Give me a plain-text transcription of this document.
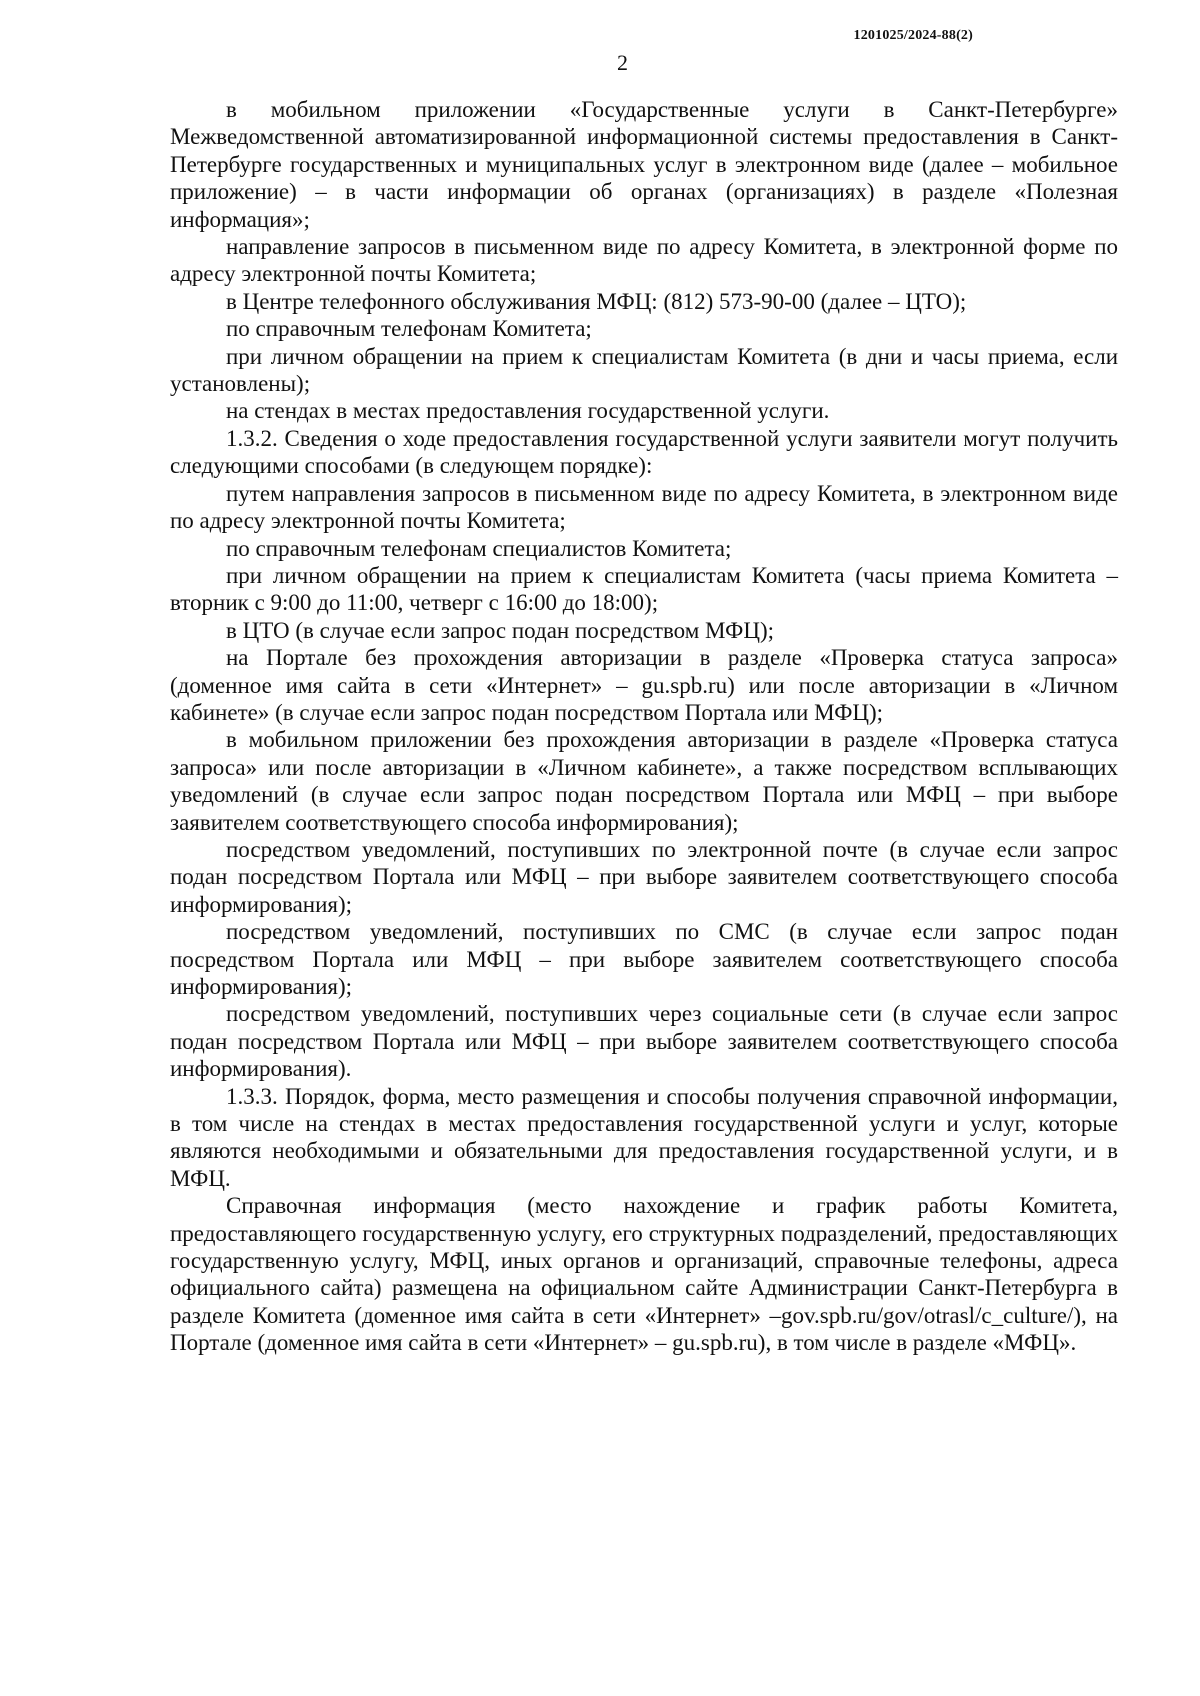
1201025/2024-88(2)
2

в мобильном приложении «Государственные услуги в Санкт-Петербурге» Межведомственной автоматизированной информационной системы предоставления в Санкт-Петербурге государственных и муниципальных услуг в электронном виде (далее – мобильное приложение) – в части информации об органах (организациях) в разделе «Полезная информация»;

направление запросов в письменном виде по адресу Комитета, в электронной форме по адресу электронной почты Комитета;

в Центре телефонного обслуживания МФЦ: (812) 573-90-00 (далее – ЦТО);

по справочным телефонам Комитета;

при личном обращении на прием к специалистам Комитета (в дни и часы приема, если установлены);

на стендах в местах предоставления государственной услуги.

1.3.2. Сведения о ходе предоставления государственной услуги заявители могут получить следующими способами (в следующем порядке):

путем направления запросов в письменном виде по адресу Комитета, в электронном виде по адресу электронной почты Комитета;

по справочным телефонам специалистов Комитета;

при личном обращении на прием к специалистам Комитета (часы приема Комитета – вторник с 9:00 до 11:00, четверг с 16:00 до 18:00);

в ЦТО (в случае если запрос подан посредством МФЦ);

на Портале без прохождения авторизации в разделе «Проверка статуса запроса» (доменное имя сайта в сети «Интернет» – gu.spb.ru) или после авторизации в «Личном кабинете» (в случае если запрос подан посредством Портала или МФЦ);

в мобильном приложении без прохождения авторизации в разделе «Проверка статуса запроса» или после авторизации в «Личном кабинете», а также посредством всплывающих уведомлений (в случае если запрос подан посредством Портала или МФЦ – при выборе заявителем соответствующего способа информирования);

посредством уведомлений, поступивших по электронной почте (в случае если запрос подан посредством Портала или МФЦ – при выборе заявителем соответствующего способа информирования);

посредством уведомлений, поступивших по СМС (в случае если запрос подан посредством Портала или МФЦ – при выборе заявителем соответствующего способа информирования);

посредством уведомлений, поступивших через социальные сети (в случае если запрос подан посредством Портала или МФЦ – при выборе заявителем соответствующего способа информирования).

1.3.3. Порядок, форма, место размещения и способы получения справочной информации, в том числе на стендах в местах предоставления государственной услуги и услуг, которые являются необходимыми и обязательными для предоставления государственной услуги, и в МФЦ.

Справочная информация (место нахождение и график работы Комитета, предоставляющего государственную услугу, его структурных подразделений, предоставляющих государственную услугу, МФЦ, иных органов и организаций, справочные телефоны, адреса официального сайта) размещена на официальном сайте Администрации Санкт-Петербурга в разделе Комитета (доменное имя сайта в сети «Интернет» –gov.spb.ru/gov/otrasl/c_culture/), на Портале (доменное имя сайта в сети «Интернет» – gu.spb.ru), в том числе в разделе «МФЦ».
